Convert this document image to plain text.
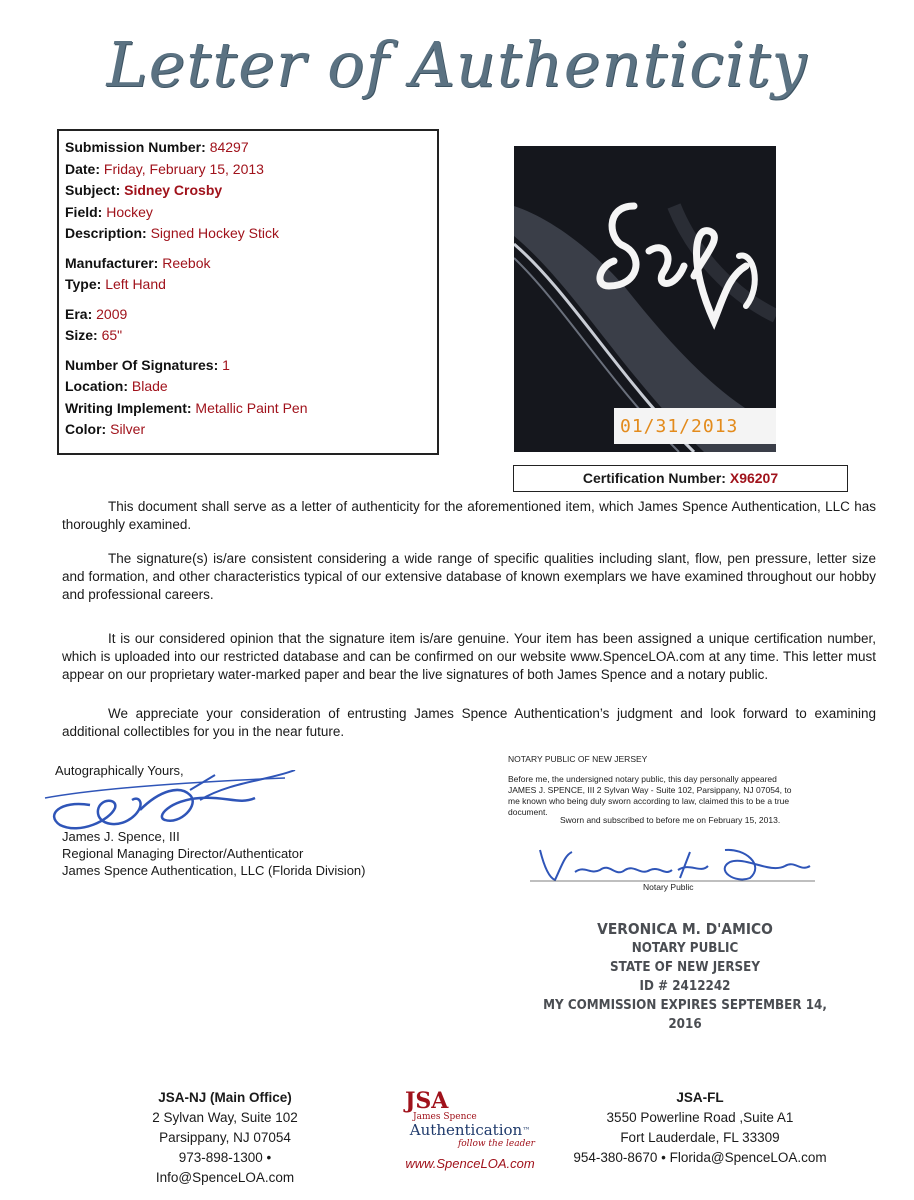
Letter of Authenticity
Submission Number: 84297
Date: Friday, February 15, 2013
Subject: Sidney Crosby
Field: Hockey
Description: Signed Hockey Stick
Manufacturer: Reebok
Type: Left Hand
Era: 2009
Size: 65"
Number Of Signatures: 1
Location: Blade
Writing Implement: Metallic Paint Pen
Color: Silver	01/31/2013
Certification Number: X96207
This document shall serve as a letter of authenticity for the aforementioned item, which James Spence Authentication, LLC has thoroughly examined.
The signature(s) is/are consistent considering a wide range of specific qualities including slant, flow, pen pressure, letter size and formation, and other characteristics typical of our extensive database of known exemplars we have examined throughout our hobby and professional careers.
It is our considered opinion that the signature item is/are genuine. Your item has been assigned a unique certification number, which is uploaded into our restricted database and can be confirmed on our website www.SpenceLOA.com at any time. This letter must appear on our proprietary water-marked paper and bear the live signatures of both James Spence and a notary public.
We appreciate your consideration of entrusting James Spence Authentication’s judgment and look forward to examining additional collectibles for you in the near future.
Autographically Yours,
James J. Spence, III
Regional Managing Director/Authenticator
James Spence Authentication, LLC (Florida Division)
NOTARY PUBLIC OF NEW JERSEY
Before me, the undersigned notary public, this day personally appeared JAMES J. SPENCE, III 2 Sylvan Way - Suite 102, Parsippany, NJ 07054, to me known who being duly sworn according to law, claimed this to be a true document.
Sworn and subscribed to before me on February 15, 2013.
Notary Public
VERONICA M. D'AMICO
NOTARY PUBLIC
STATE OF NEW JERSEY
ID # 2412242
MY COMMISSION EXPIRES SEPTEMBER 14, 2016
JSA-NJ (Main Office)
2 Sylvan Way, Suite 102
Parsippany, NJ 07054
973-898-1300 • Info@SpenceLOA.com
JSA
James Spence
Authentication™
follow the leader
www.SpenceLOA.com
JSA-FL
3550 Powerline Road ,Suite A1
Fort Lauderdale, FL 33309
954-380-8670 • Florida@SpenceLOA.com
